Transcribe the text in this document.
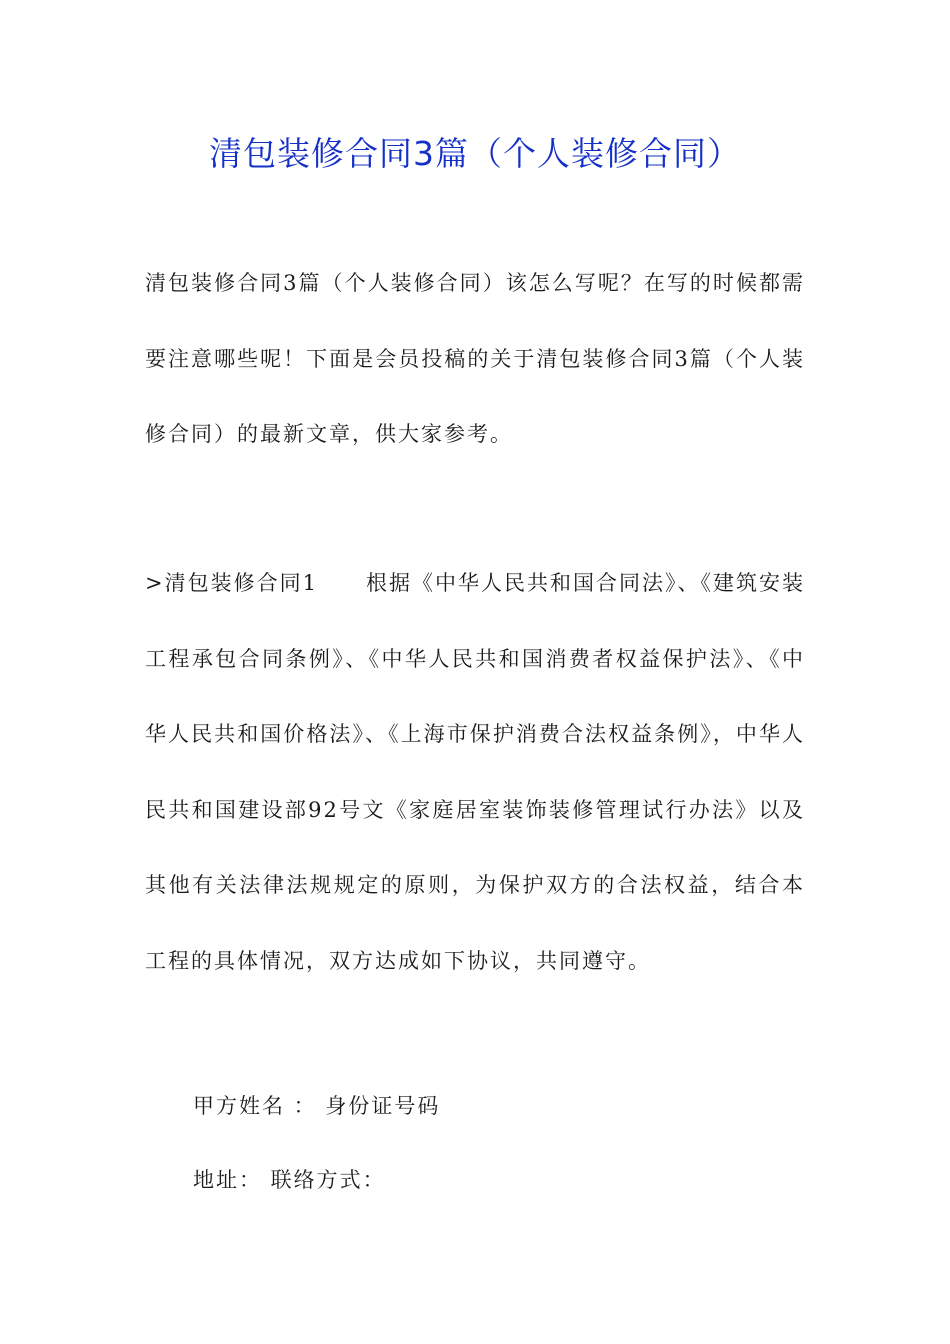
清包装修合同3篇（个人装修合同）
清包装修合同3篇（个人装修合同）该怎么写呢？在写的时候都需要注意哪些呢！下面是会员投稿的关于清包装修合同3篇（个人装修合同）的最新文章，供大家参考。
>清包装修合同1 根据《中华人民共和国合同法》、《建筑安装工程承包合同条例》、《中华人民共和国消费者权益保护法》、《中华人民共和国价格法》、《上海市保护消费合法权益条例》，中华人民共和国建设部92号文《家庭居室装饰装修管理试行办法》以及其他有关法律法规规定的原则，为保护双方的合法权益，结合本工程的具体情况，双方达成如下协议，共同遵守。
甲方姓名 ： 身份证号码
地址： 联络方式：
